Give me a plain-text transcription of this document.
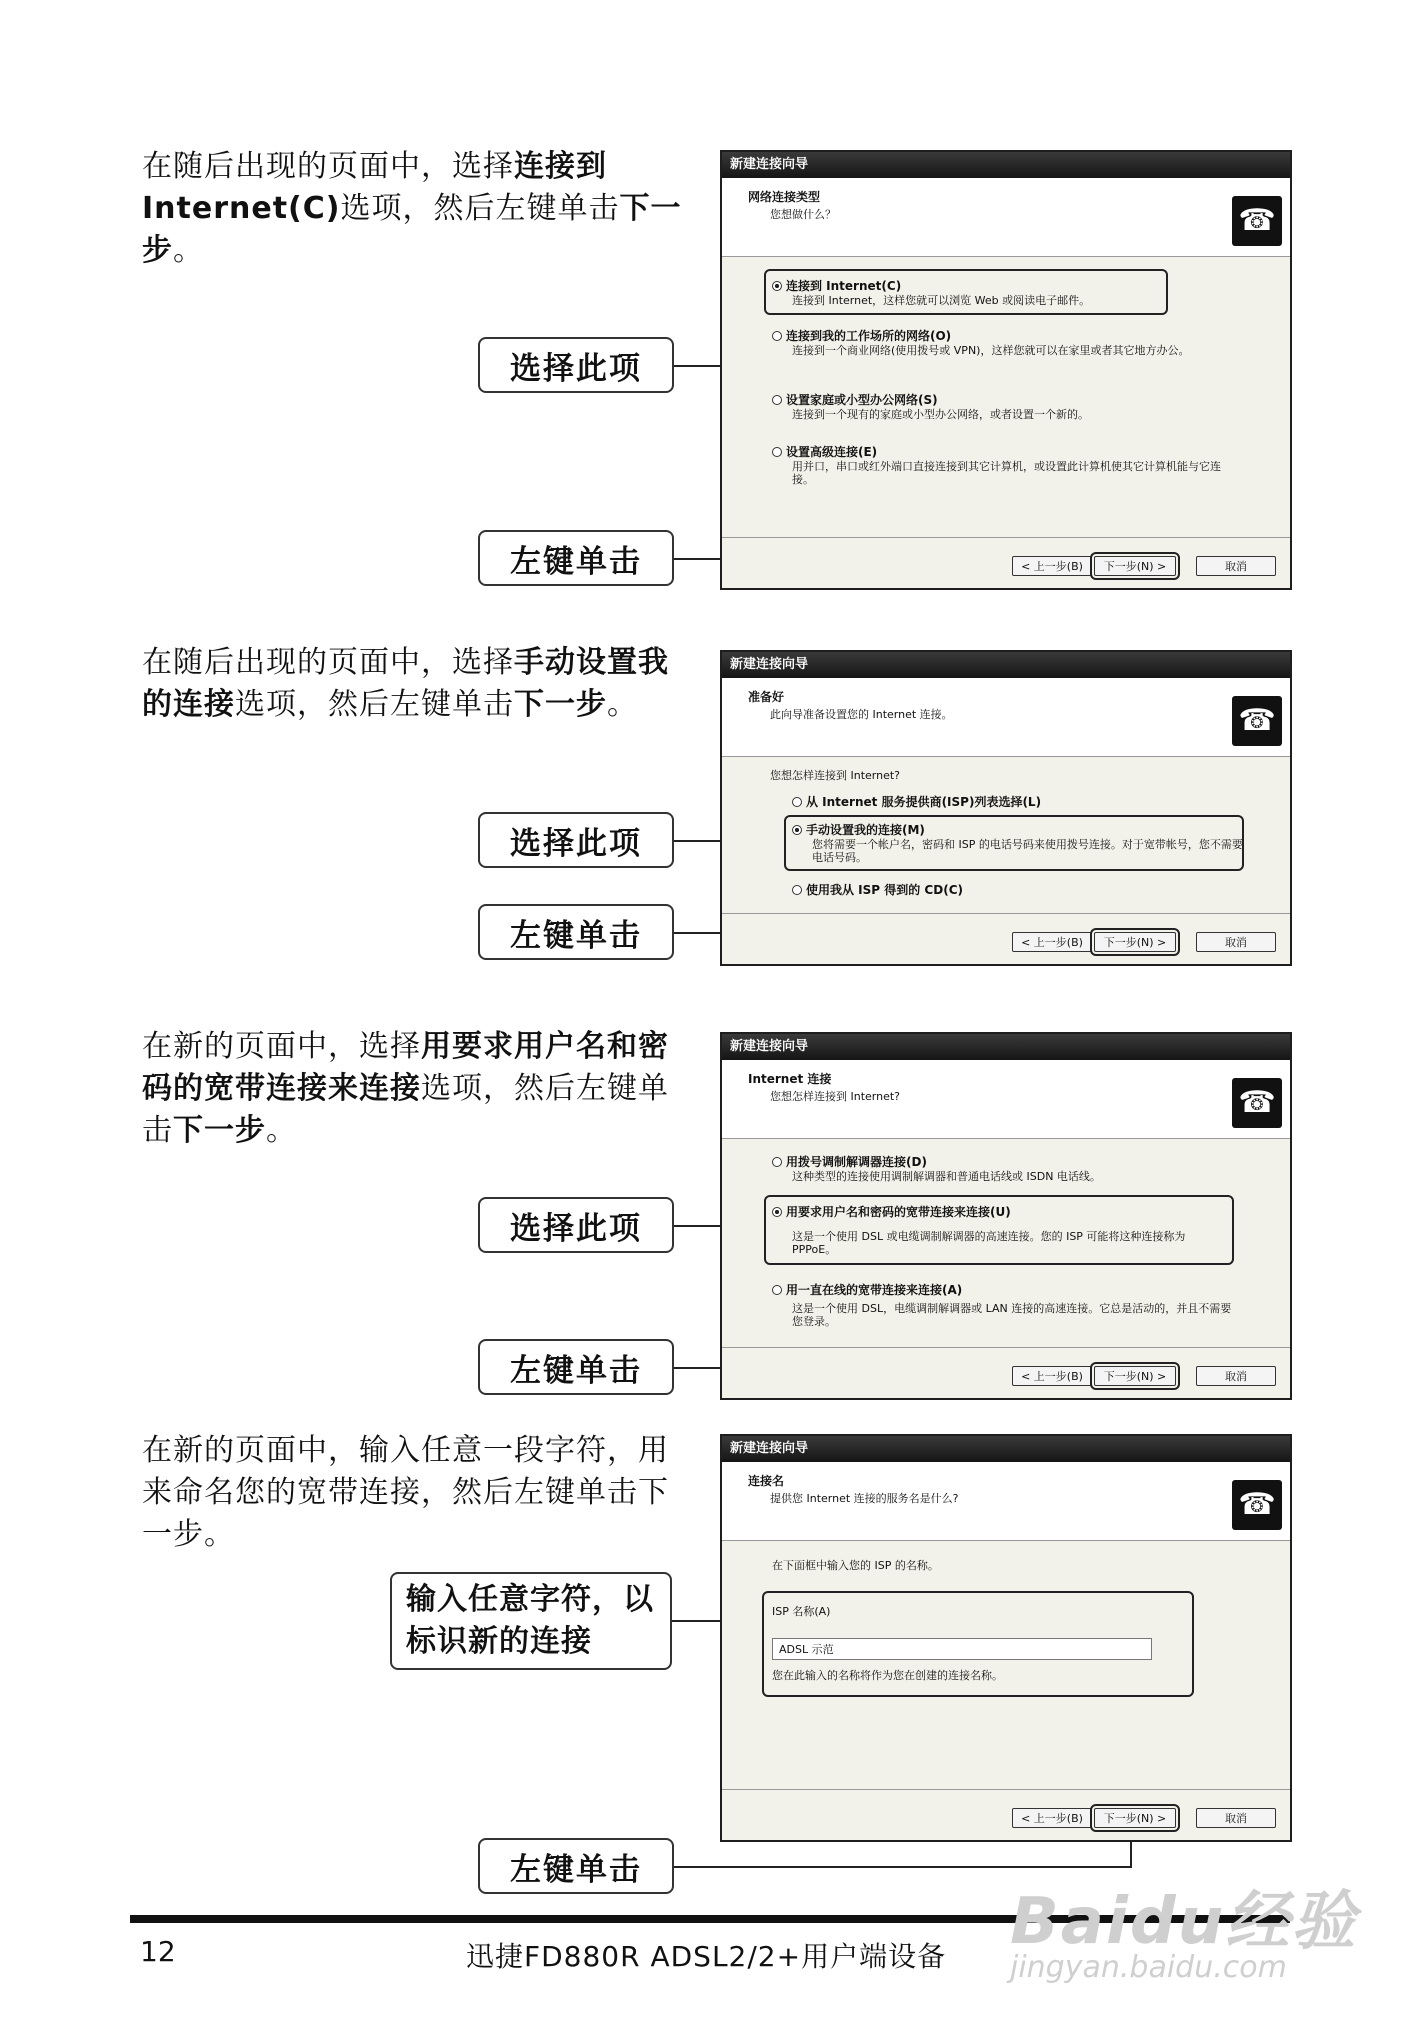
在随后出现的页面中，选择连接到Internet(C)选项，然后左键单击下一步。
选择此项
左键单击
新建连接向导
网络连接类型
您想做什么？	☎
连接到 Internet(C)
连接到 Internet，这样您就可以浏览 Web 或阅读电子邮件。
连接到我的工作场所的网络(O)
连接到一个商业网络(使用拨号或 VPN)，这样您就可以在家里或者其它地方办公。
设置家庭或小型办公网络(S)
连接到一个现有的家庭或小型办公网络，或者设置一个新的。
设置高级连接(E)
用并口，串口或红外端口直接连接到其它计算机，或设置此计算机使其它计算机能与它连接。
< 上一步(B)	下一步(N) >	取消
在随后出现的页面中，选择手动设置我的连接选项，然后左键单击下一步。
选择此项
左键单击
新建连接向导
准备好
此向导准备设置您的 Internet 连接。	☎
您想怎样连接到 Internet?
从 Internet 服务提供商(ISP)列表选择(L)
手动设置我的连接(M)
您将需要一个帐户名，密码和 ISP 的电话号码来使用拨号连接。对于宽带帐号，您不需要电话号码。
使用我从 ISP 得到的 CD(C)
< 上一步(B)	下一步(N) >	取消
在新的页面中，选择用要求用户名和密码的宽带连接来连接选项，然后左键单击下一步。
选择此项
左键单击
新建连接向导
Internet 连接
您想怎样连接到 Internet?	☎
用拨号调制解调器连接(D)
这种类型的连接使用调制解调器和普通电话线或 ISDN 电话线。
用要求用户名和密码的宽带连接来连接(U)
这是一个使用 DSL 或电缆调制解调器的高速连接。您的 ISP 可能将这种连接称为 PPPoE。
用一直在线的宽带连接来连接(A)
这是一个使用 DSL，电缆调制解调器或 LAN 连接的高速连接。它总是活动的，并且不需要您登录。
< 上一步(B)	下一步(N) >	取消
在新的页面中，输入任意一段字符，用来命名您的宽带连接，然后左键单击下一步。
输入任意字符，以
标识新的连接
左键单击
新建连接向导
连接名
提供您 Internet 连接的服务名是什么?	☎
在下面框中输入您的 ISP 的名称。
ISP 名称(A)
ADSL 示范
您在此输入的名称将作为您在创建的连接名称。
< 上一步(B)	下一步(N) >	取消
12	迅捷FD880R ADSL2/2+用户端设备 Baidu经验
jingyan.baidu.com
